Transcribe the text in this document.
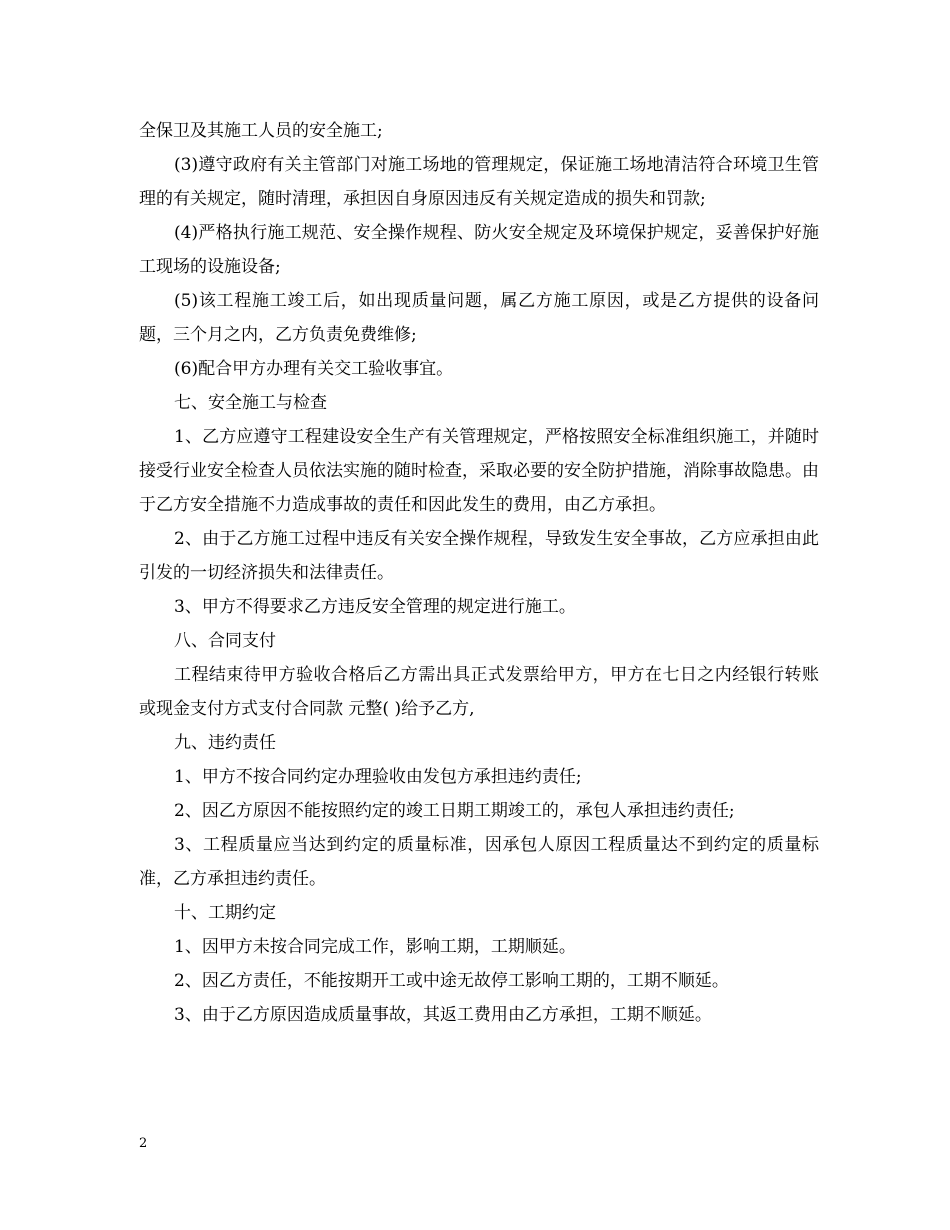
全保卫及其施工人员的安全施工;

(3)遵守政府有关主管部门对施工场地的管理规定，保证施工场地清洁符合环境卫生管理的有关规定，随时清理，承担因自身原因违反有关规定造成的损失和罚款;

(4)严格执行施工规范、安全操作规程、防火安全规定及环境保护规定，妥善保护好施工现场的设施设备;

(5)该工程施工竣工后，如出现质量问题，属乙方施工原因，或是乙方提供的设备问题，三个月之内，乙方负责免费维修;

(6)配合甲方办理有关交工验收事宜。

七、安全施工与检查

1、乙方应遵守工程建设安全生产有关管理规定，严格按照安全标准组织施工，并随时接受行业安全检查人员依法实施的随时检查，采取必要的安全防护措施，消除事故隐患。由于乙方安全措施不力造成事故的责任和因此发生的费用，由乙方承担。

2、由于乙方施工过程中违反有关安全操作规程，导致发生安全事故，乙方应承担由此引发的一切经济损失和法律责任。

3、甲方不得要求乙方违反安全管理的规定进行施工。

八、合同支付

工程结束待甲方验收合格后乙方需出具正式发票给甲方，甲方在七日之内经银行转账或现金支付方式支付合同款 元整( )给予乙方,

九、违约责任

1、甲方不按合同约定办理验收由发包方承担违约责任;

2、因乙方原因不能按照约定的竣工日期工期竣工的，承包人承担违约责任;

3、工程质量应当达到约定的质量标准，因承包人原因工程质量达不到约定的质量标准，乙方承担违约责任。

十、工期约定

1、因甲方未按合同完成工作，影响工期，工期顺延。

2、因乙方责任，不能按期开工或中途无故停工影响工期的，工期不顺延。

3、由于乙方原因造成质量事故，其返工费用由乙方承担，工期不顺延。

2
